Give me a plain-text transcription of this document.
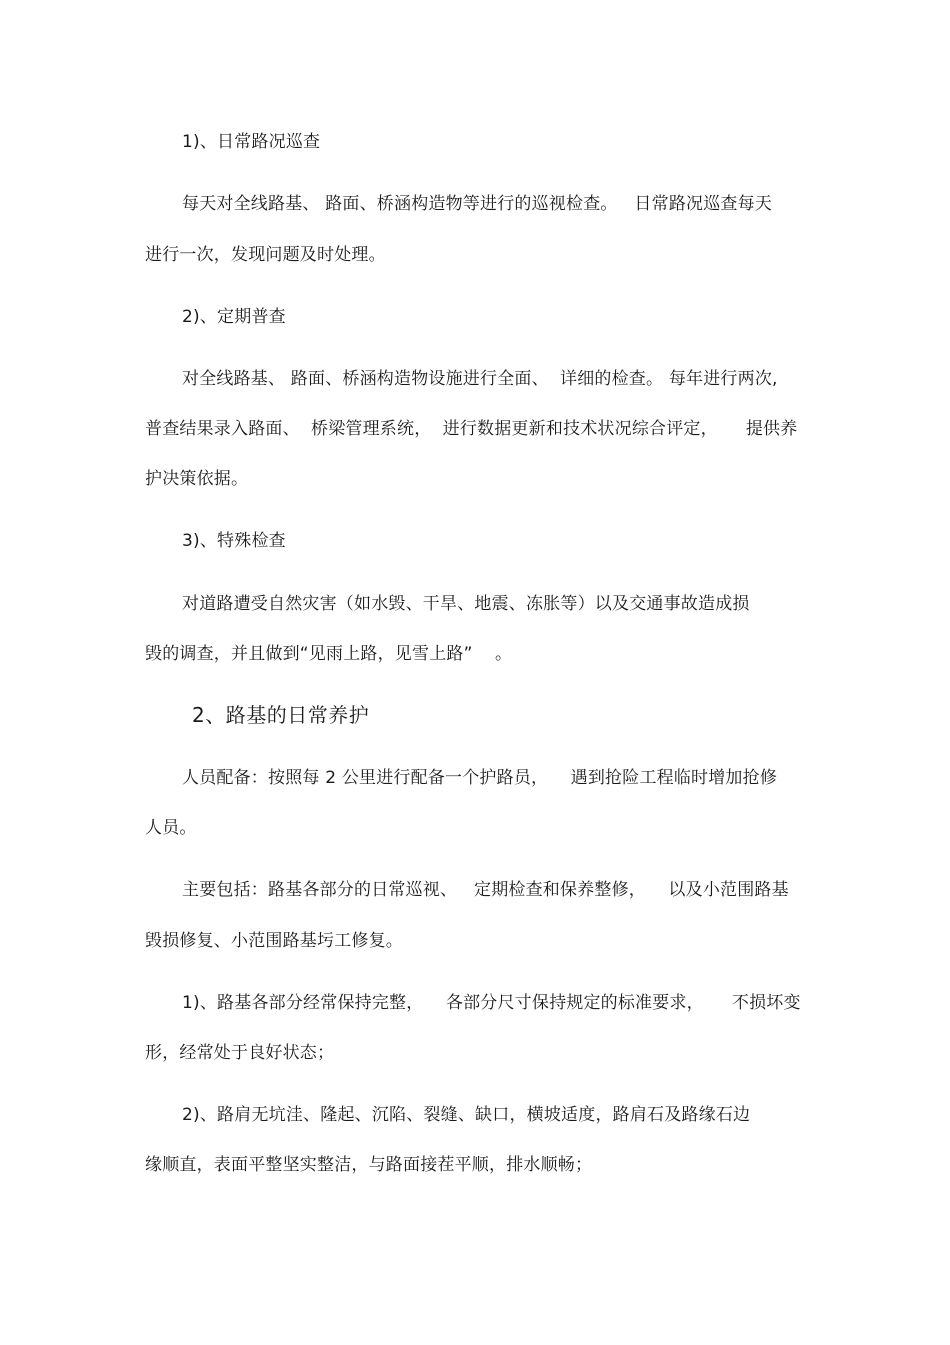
1)、日常路况巡查
每天对全线路基、 路面、桥涵构造物等进行的巡视检查。   日常路况巡查每天
进行一次，发现问题及时处理。
2)、定期普查
对全线路基、 路面、桥涵构造物设施进行全面、  详细的检查。 每年进行两次,
普查结果录入路面、  桥梁管理系统，  进行数据更新和技术状况综合评定，     提供养
护决策依据。
3)、特殊检查
对道路遭受自然灾害（如水毁、干旱、地震、冻胀等）以及交通事故造成损
毁的调查，并且做到“见雨上路，见雪上路”    。
2、路基的日常养护
人员配备：按照每 2 公里进行配备一个护路员，    遇到抢险工程临时增加抢修
人员。
主要包括：路基各部分的日常巡视、   定期检查和保养整修，    以及小范围路基
毁损修复、小范围路基圬工修复。
1)、路基各部分经常保持完整，    各部分尺寸保持规定的标准要求，     不损坏变
形，经常处于良好状态；
2)、路肩无坑洼、隆起、沉陷、裂缝、缺口，横坡适度，路肩石及路缘石边
缘顺直，表面平整坚实整洁，与路面接茬平顺，排水顺畅；
